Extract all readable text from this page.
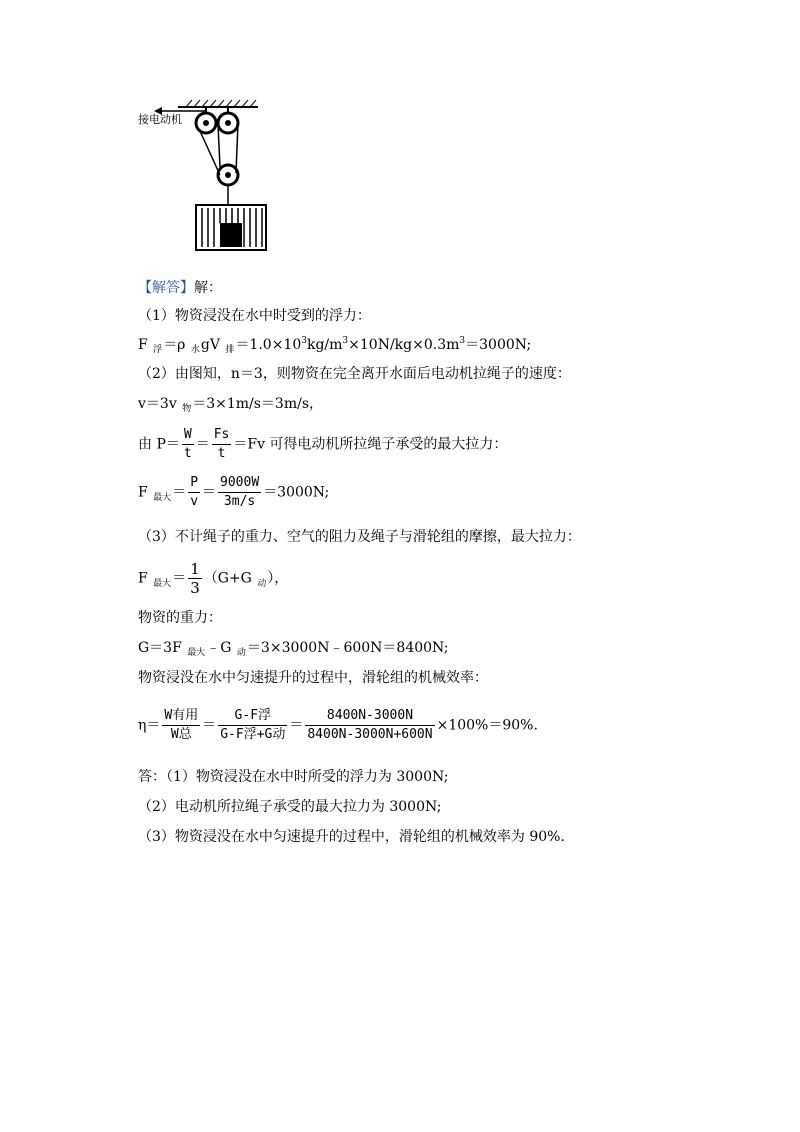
接电动机
【解答】解：
（1）物资浸没在水中时受到的浮力：
F $_浮$＝ρ $_水$gV $_排=1.0\times 10^3kg/m^3\times 10N/kg\times 0.3m^3=3000N$;
（2）由图知，n＝3，则物资在完全离开水面后电动机拉绳子的速度：
v＝3v $_物$＝3×1m/s＝3m/s，
由 $P= \frac{W}{t} = \frac{Fs}{t} =Fv$ 可得电动机所拉绳子承受的最大拉力：
F $_{最大}= \frac{P}{v} = \frac{9000W}{3m/s} =3000N$;
（3）不计绳子的重力、空气的阻力及绳子与滑轮组的摩擦，最大拉力：
F $_{最大}= \frac{1}{3} (G+G$ $_动$），
物资的重力：
G＝3F $_{最大}$﹣G $_动$＝3×3000N﹣600N＝8400N;
物资浸没在水中匀速提升的过程中，滑轮组的机械效率：
$\eta= \frac{\text{W有用}}{\text{W总}} = \frac{\text{G-F浮}}{\text{G-F浮+G动}} = \frac{8400N-3000N}{8400N-3000N+600N} \times 100\%=90\%$.
答：（1）物资浸没在水中时所受的浮力为 3000N;
（2）电动机所拉绳子承受的最大拉力为 3000N;
（3）物资浸没在水中匀速提升的过程中，滑轮组的机械效率为 90%.
